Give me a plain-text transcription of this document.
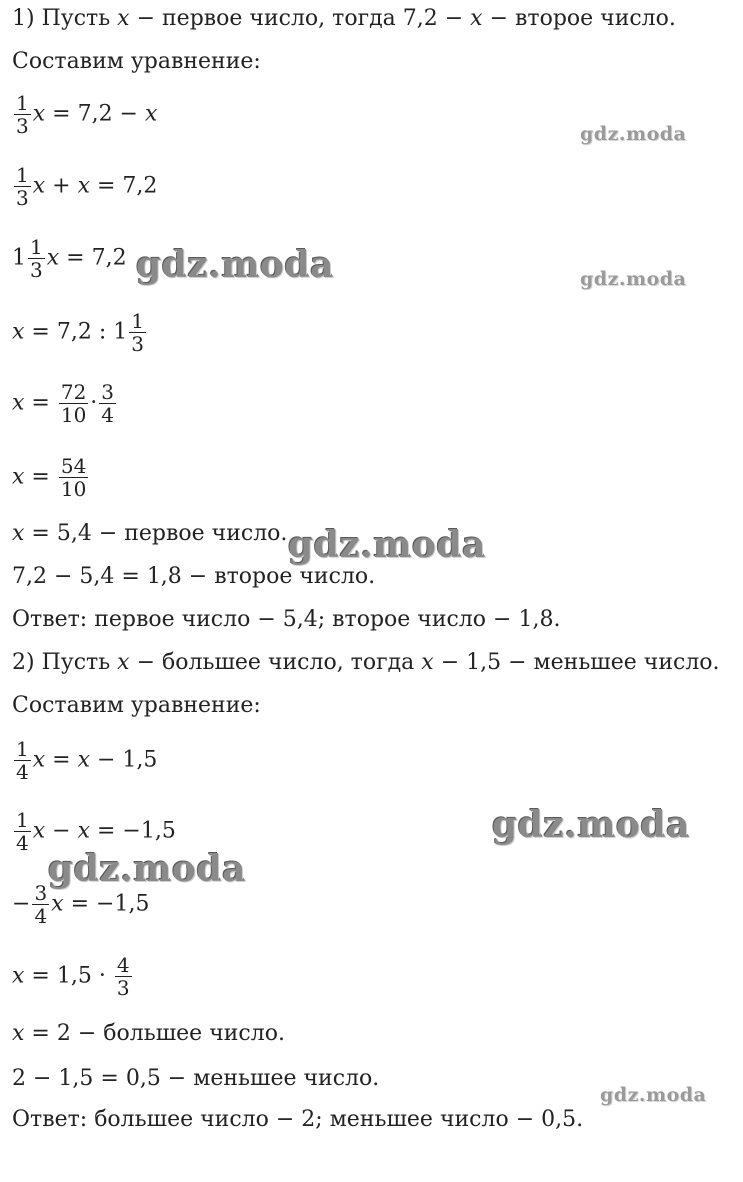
1) Пусть x − первое число, тогда 7,2 − x − второе число.
Составим уравнение:
$\frac{1}{3}$ x = 7,2 − x
$\frac{1}{3}$ x + x = 7,2
$1 \frac{1}{3}$ x = 7,2
x = 7,2 : $1 \frac{1}{3}$
$x = \frac{72}{10} \cdot \frac{3}{4}$
$x = \frac{54}{10}$
x = 5,4 − первое число.
7,2 − 5,4 = 1,8 − второе число.
Ответ: первое число − 5,4; второе число − 1,8.
2) Пусть x − большее число, тогда x − 1,5 − меньшее число.
Составим уравнение:
$\frac{1}{4}$ x = x − 1,5
$\frac{1}{4}$ x − x = −1,5
− $\frac{3}{4}$ x = −1,5
$x = 1,5 \cdot \frac{4}{3}$
x = 2 − большее число.
2 − 1,5 = 0,5 − меньшее число.
Ответ: большее число − 2; меньшее число − 0,5.
gdz.moda
gdz.moda
gdz.moda
gdz.moda
gdz.moda
gdz.moda
gdz.moda
